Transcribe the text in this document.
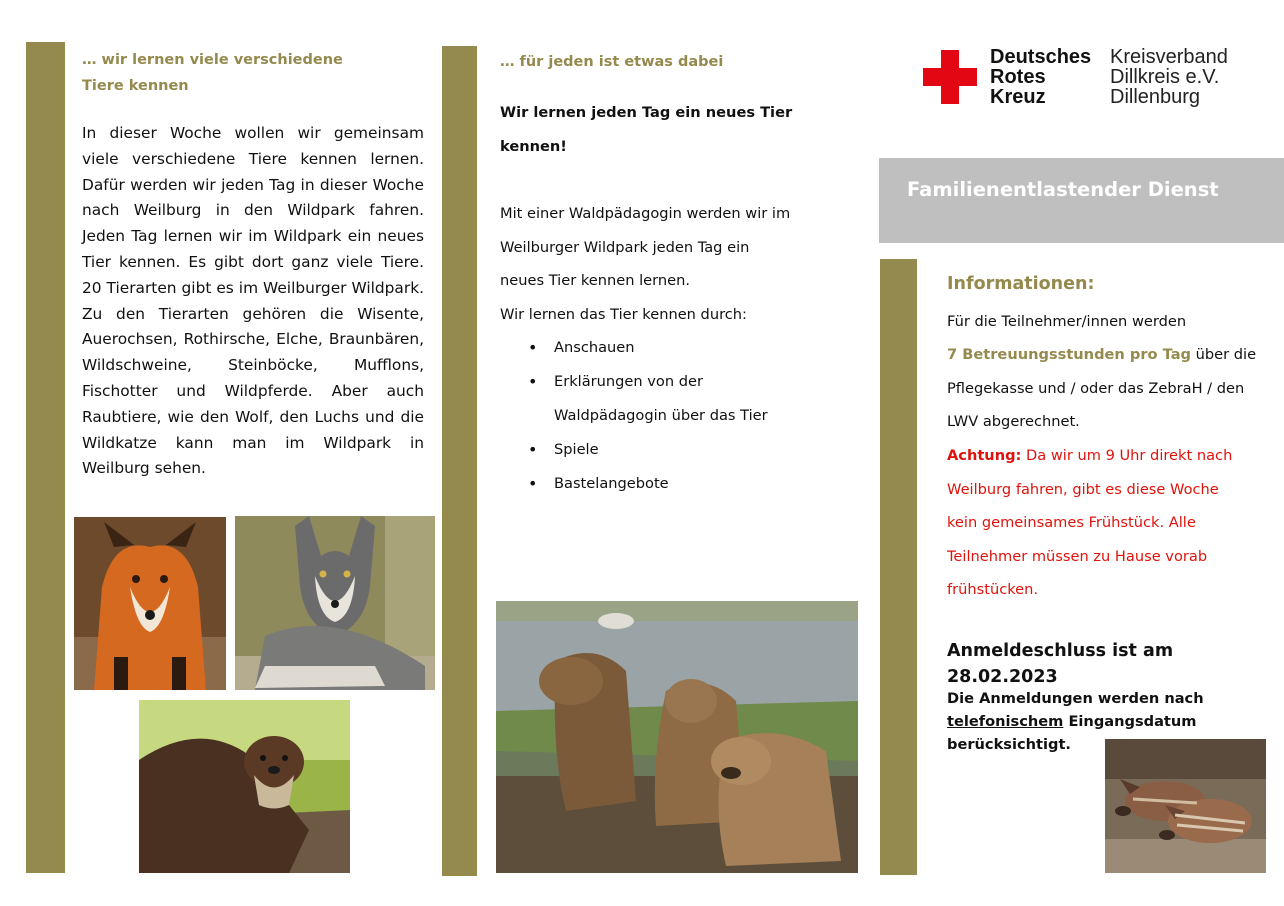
… wir lernen viele verschiedene Tiere kennen
In dieser Woche wollen wir gemeinsam viele verschiedene Tiere kennen lernen. Dafür werden wir jeden Tag in dieser Woche nach Weilburg in den Wildpark fahren. Jeden Tag lernen wir im Wildpark ein neues Tier kennen. Es gibt dort ganz viele Tiere. 20 Tierarten gibt es im Weilburger Wildpark. Zu den Tierarten gehören die Wisente, Auerochsen, Rothirsche, Elche, Braunbären, Wildschweine, Steinböcke, Mufflons, Fischotter und Wildpferde. Aber auch Raubtiere, wie den Wolf, den Luchs und die Wildkatze kann man im Wildpark in Weilburg sehen.
… für jeden ist etwas dabei
Wir lernen jeden Tag ein neues Tier
kennen!
Mit einer Waldpädagogin werden wir im
Weilburger Wildpark jeden Tag ein
neues Tier kennen lernen.
Wir lernen das Tier kennen durch:
• Anschauen
• Erklärungen von der
Waldpädagogin über das Tier
• Spiele
• Bastelangebote
Deutsches
Rotes
Kreuz
Kreisverband
Dillkreis e.V.
Dillenburg
Familienentlastender Dienst
Informationen:
Für die Teilnehmer/innen werden
7 Betreuungsstunden pro Tag über die
Pflegekasse und / oder das ZebraH / den
LWV abgerechnet.
Achtung: Da wir um 9 Uhr direkt nach
Weilburg fahren, gibt es diese Woche
kein gemeinsames Frühstück. Alle
Teilnehmer müssen zu Hause vorab
frühstücken.
Anmeldeschluss ist am 28.02.2023
Die Anmeldungen werden nach
telefonischem Eingangsdatum
berücksichtigt.
